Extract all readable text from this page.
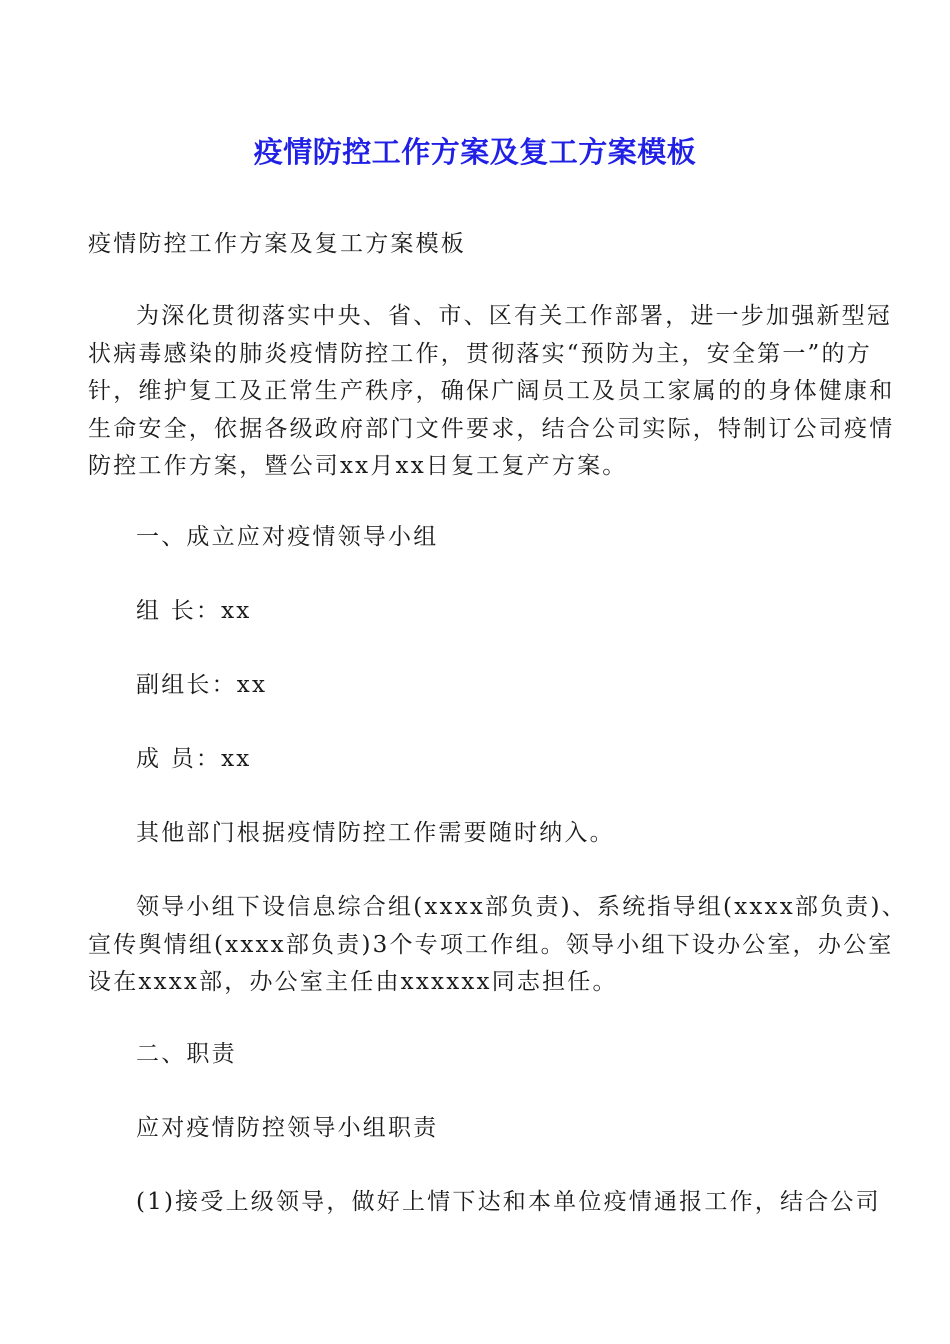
疫情防控工作方案及复工方案模板

疫情防控工作方案及复工方案模板

为深化贯彻落实中央、省、市、区有关工作部署，进一步加强新型冠
状病毒感染的肺炎疫情防控工作，贯彻落实“预防为主，安全第一”的方
针，维护复工及正常生产秩序，确保广阔员工及员工家属的的身体健康和
生命安全，依据各级政府部门文件要求，结合公司实际，特制订公司疫情
防控工作方案，暨公司xx月xx日复工复产方案。

一、成立应对疫情领导小组

组 长：xx

副组长：xx

成 员：xx

其他部门根据疫情防控工作需要随时纳入。

领导小组下设信息综合组(xxxx部负责)、系统指导组(xxxx部负责)、
宣传舆情组(xxxx部负责)3个专项工作组。领导小组下设办公室，办公室
设在xxxx部，办公室主任由xxxxxx同志担任。

二、职责

应对疫情防控领导小组职责

(1)接受上级领导，做好上情下达和本单位疫情通报工作，结合公司
